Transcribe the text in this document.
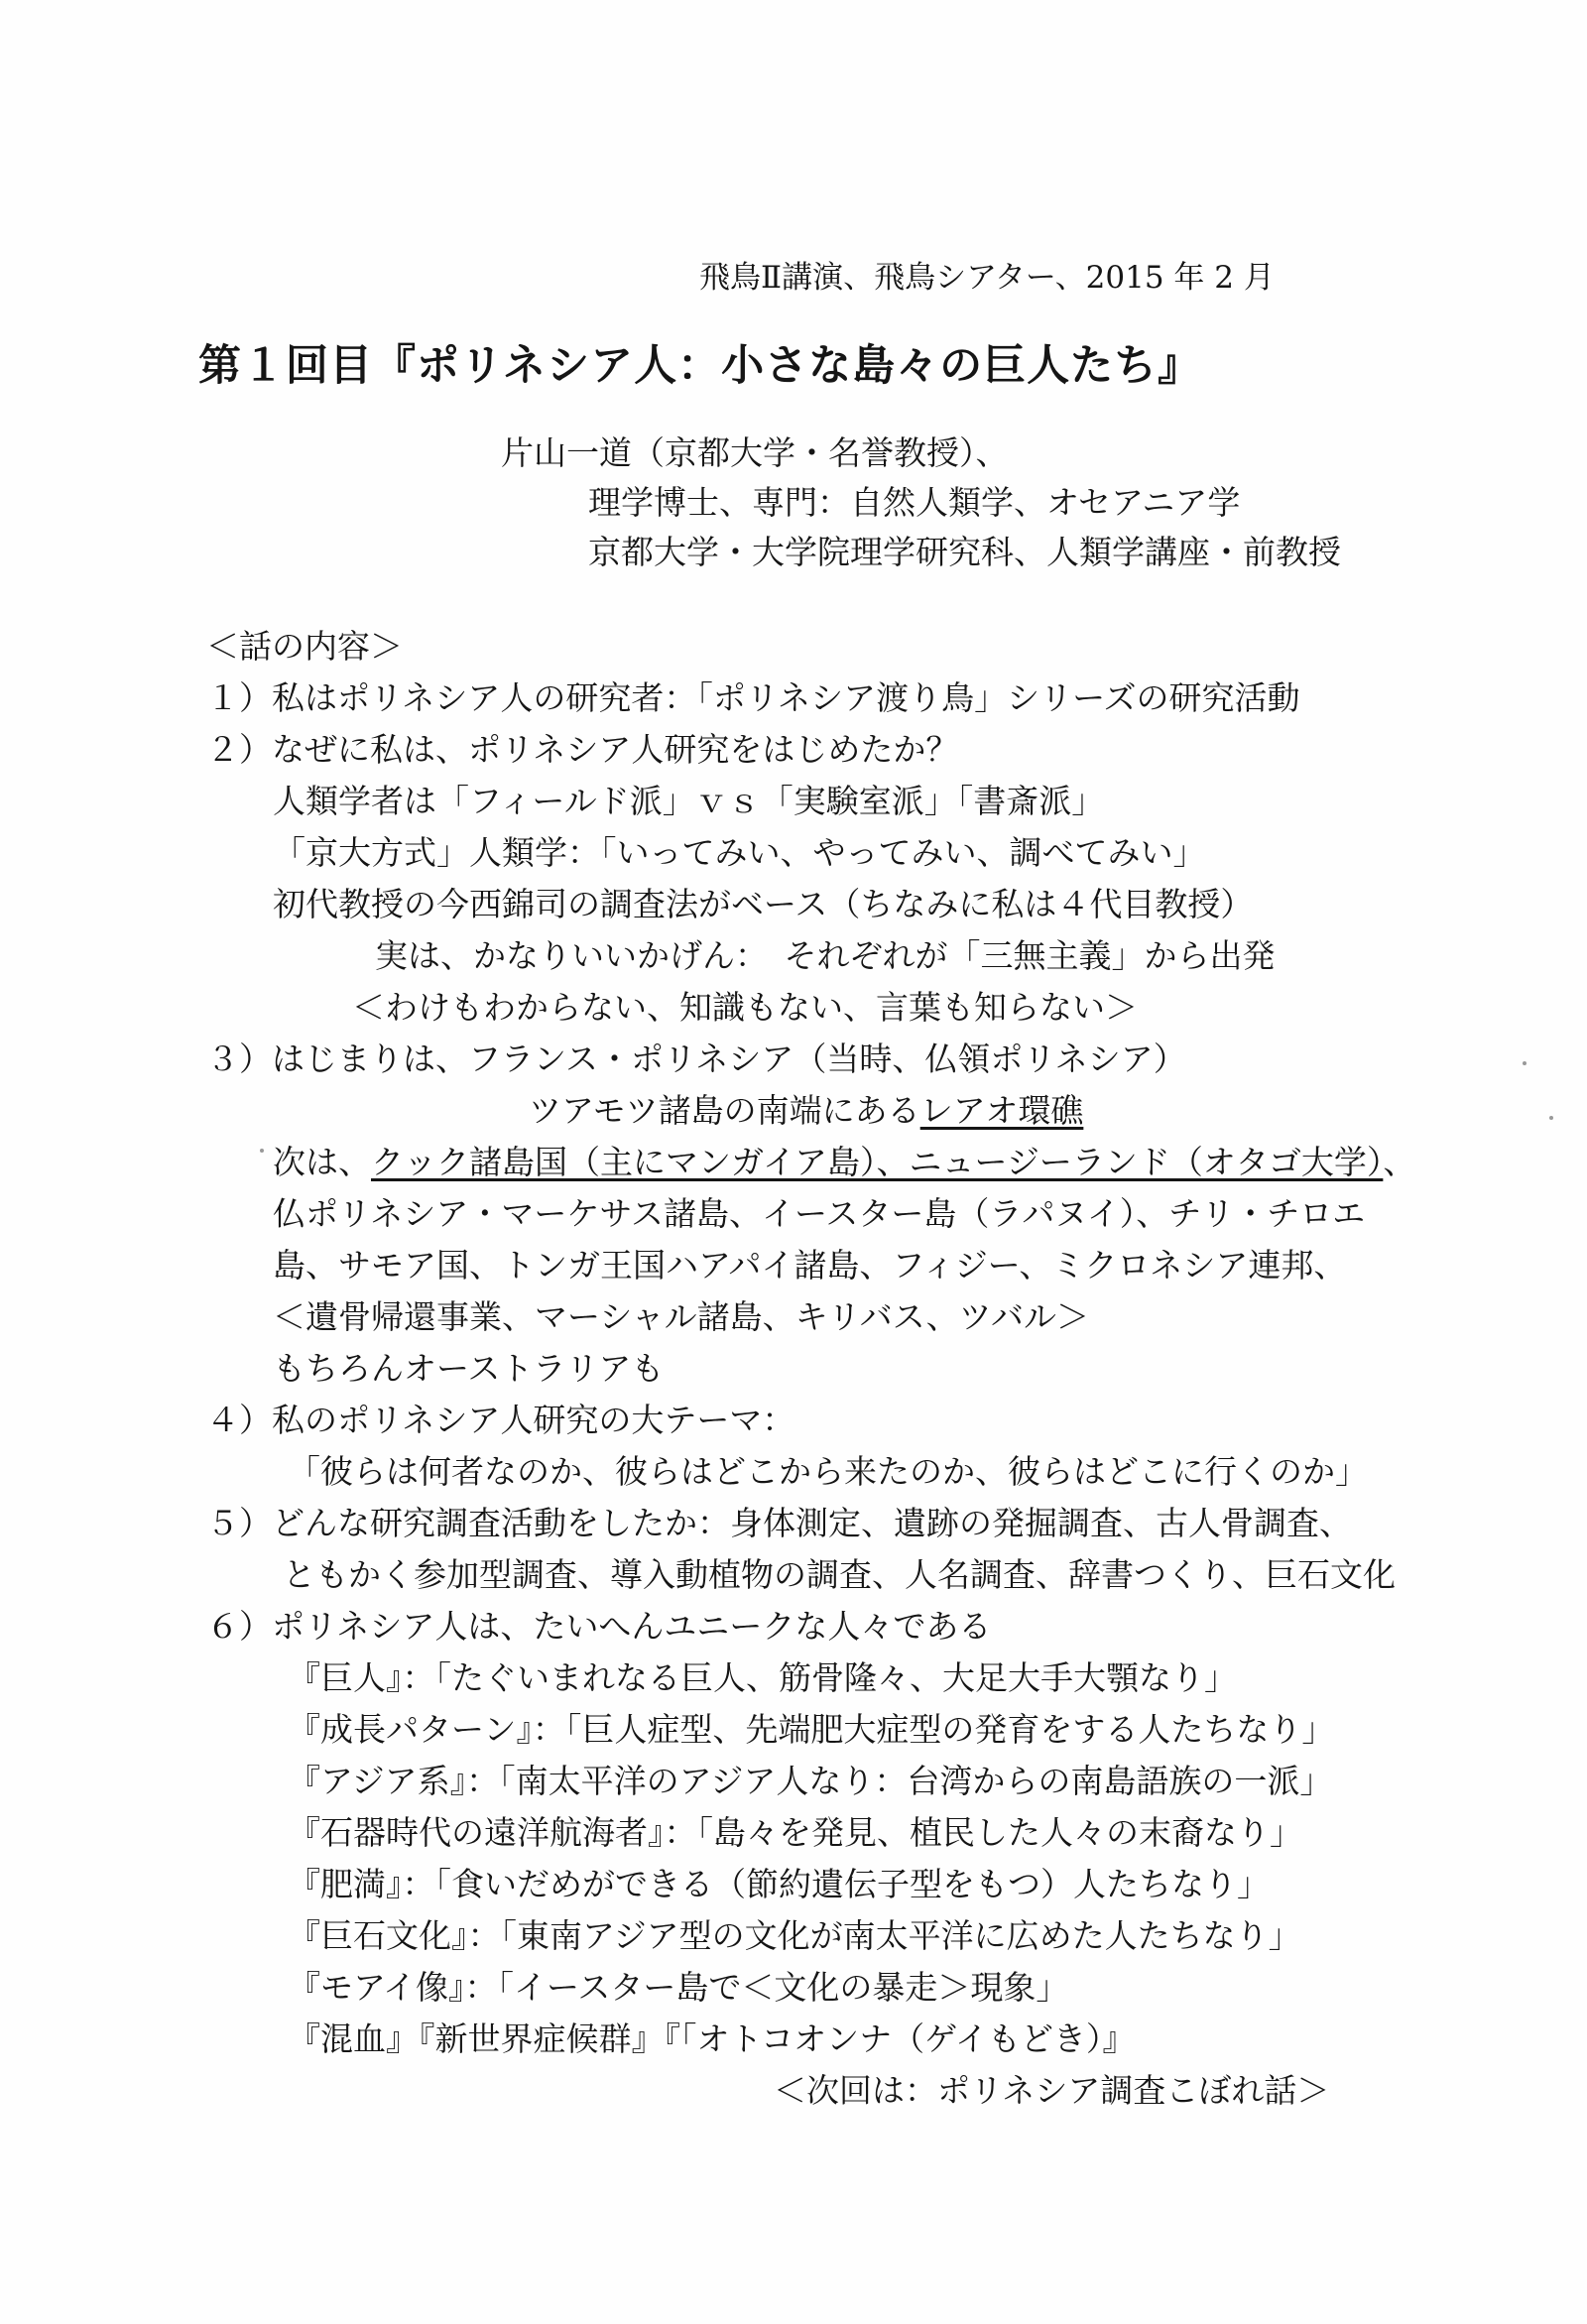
飛鳥Ⅱ講演、飛鳥シアター、2015 年 2 月
第１回目『ポリネシア人：小さな島々の巨人たち』
片山一道（京都大学・名誉教授）、
理学博士、専門：自然人類学、オセアニア学
京都大学・大学院理学研究科、人類学講座・前教授
＜話の内容＞
１）私はポリネシア人の研究者：「ポリネシア渡り鳥」シリーズの研究活動
２）なぜに私は、ポリネシア人研究をはじめたか？
人類学者は「フィールド派」ｖｓ「実験室派」「書斎派」
「京大方式」人類学：「いってみい、やってみい、調べてみい」
初代教授の今西錦司の調査法がベース（ちなみに私は４代目教授）
実は、かなりいいかげん：　それぞれが「三無主義」から出発
＜わけもわからない、知識もない、言葉も知らない＞
３）はじまりは、フランス・ポリネシア（当時、仏領ポリネシア）
ツアモツ諸島の南端にあるレアオ環礁
次は、クック諸島国（主にマンガイア島）、ニュージーランド（オタゴ大学）、
仏ポリネシア・マーケサス諸島、イースター島（ラパヌイ）、チリ・チロエ
島、サモア国、トンガ王国ハアパイ諸島、フィジー、ミクロネシア連邦、
＜遺骨帰還事業、マーシャル諸島、キリバス、ツバル＞
もちろんオーストラリアも
４）私のポリネシア人研究の大テーマ：
「彼らは何者なのか、彼らはどこから来たのか、彼らはどこに行くのか」
５）どんな研究調査活動をしたか：身体測定、遺跡の発掘調査、古人骨調査、
ともかく参加型調査、導入動植物の調査、人名調査、辞書つくり、巨石文化
６）ポリネシア人は、たいへんユニークな人々である
『巨人』：「たぐいまれなる巨人、筋骨隆々、大足大手大顎なり」
『成長パターン』：「巨人症型、先端肥大症型の発育をする人たちなり」
『アジア系』：「南太平洋のアジア人なり：台湾からの南島語族の一派」
『石器時代の遠洋航海者』：「島々を発見、植民した人々の末裔なり」
『肥満』：「食いだめができる（節約遺伝子型をもつ）人たちなり」
『巨石文化』：「東南アジア型の文化が南太平洋に広めた人たちなり」
『モアイ像』：「イースター島で＜文化の暴走＞現象」
『混血』『新世界症候群』『「オトコオンナ（ゲイもどき）』
＜次回は：ポリネシア調査こぼれ話＞
